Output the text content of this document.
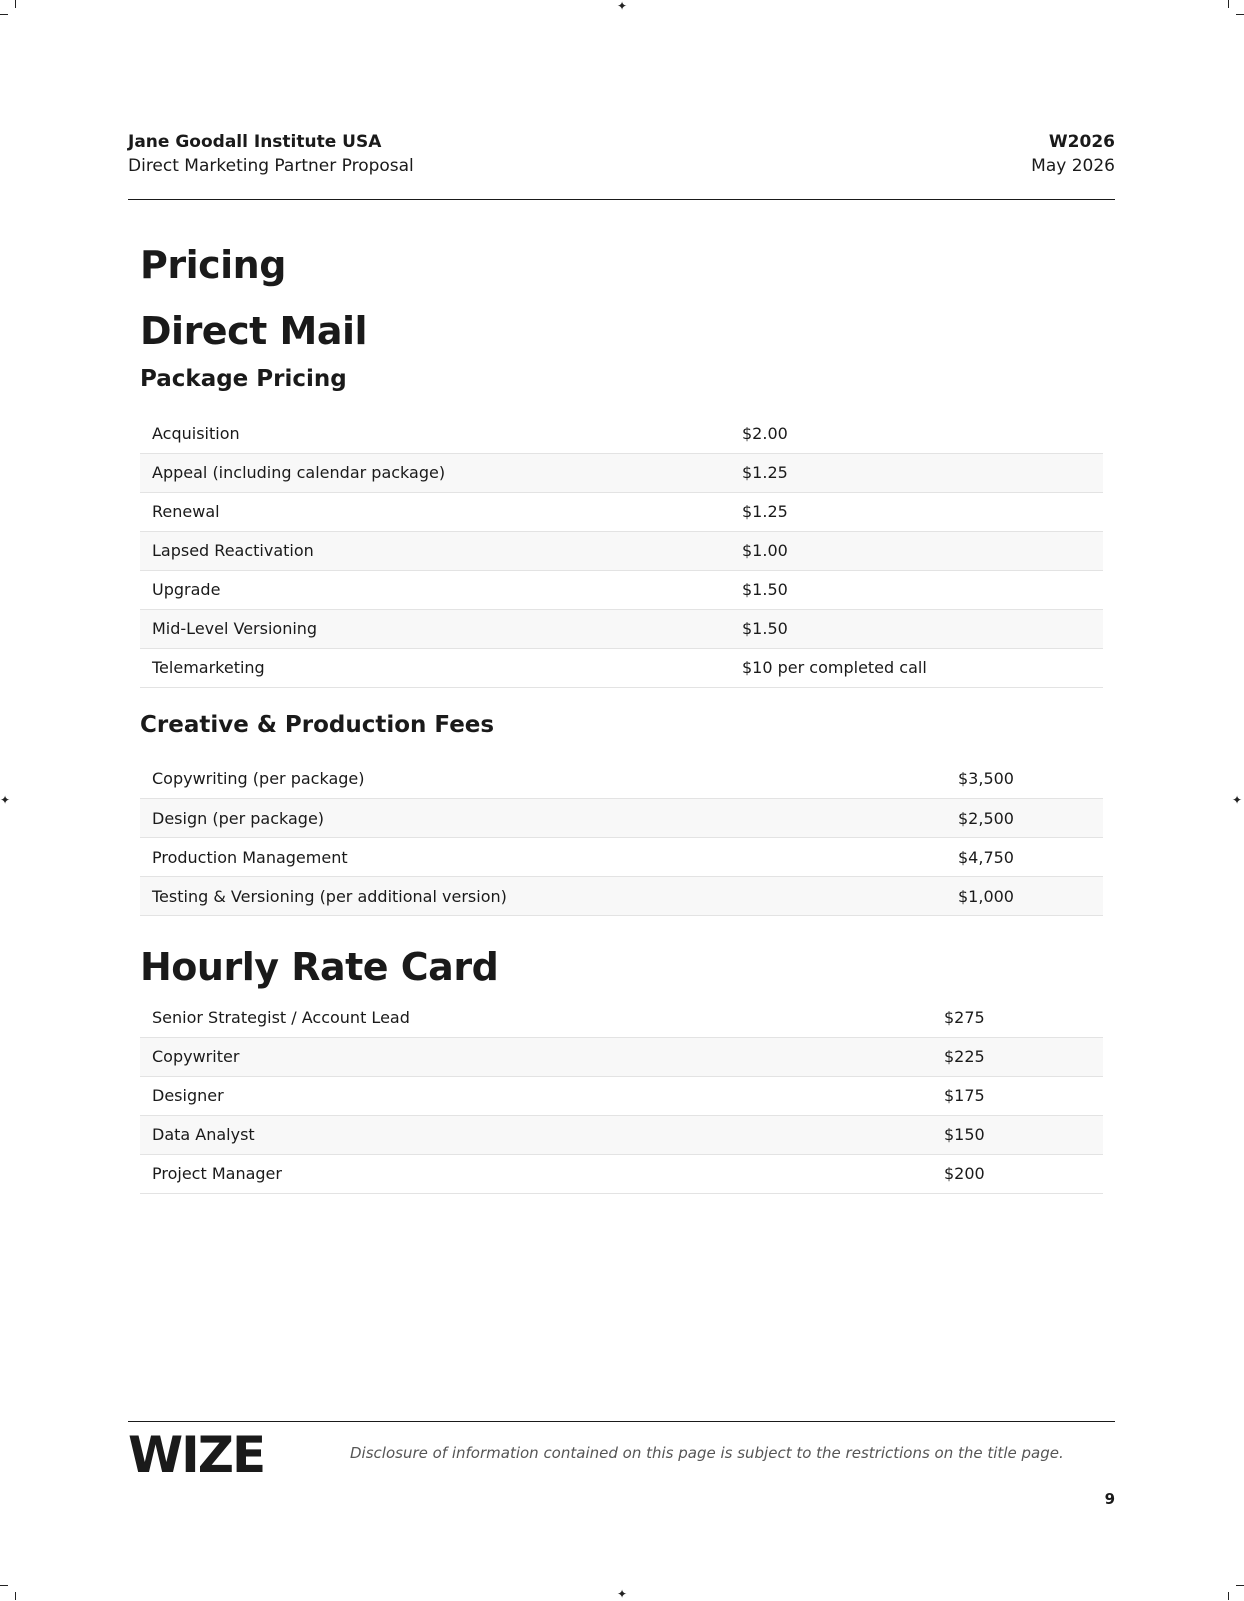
✦
✦
✦	✦
Jane Goodall Institute USA
Direct Marketing Partner Proposal
W2026
May 2026
Pricing
Direct Mail
Package Pricing
Acquisition	$2.00
Appeal (including calendar package)	$1.25
Renewal	$1.25
Lapsed Reactivation	$1.00
Upgrade	$1.50
Mid-Level Versioning	$1.50
Telemarketing	$10 per completed call
Creative & Production Fees
Copywriting (per package)	$3,500
Design (per package)	$2,500
Production Management	$4,750
Testing & Versioning (per additional version)	$1,000
Hourly Rate Card
Senior Strategist / Account Lead	$275
Copywriter	$225
Designer	$175
Data Analyst	$150
Project Manager	$200
WIZE	Disclosure of information contained on this page is subject to the restrictions on the title page.
9
